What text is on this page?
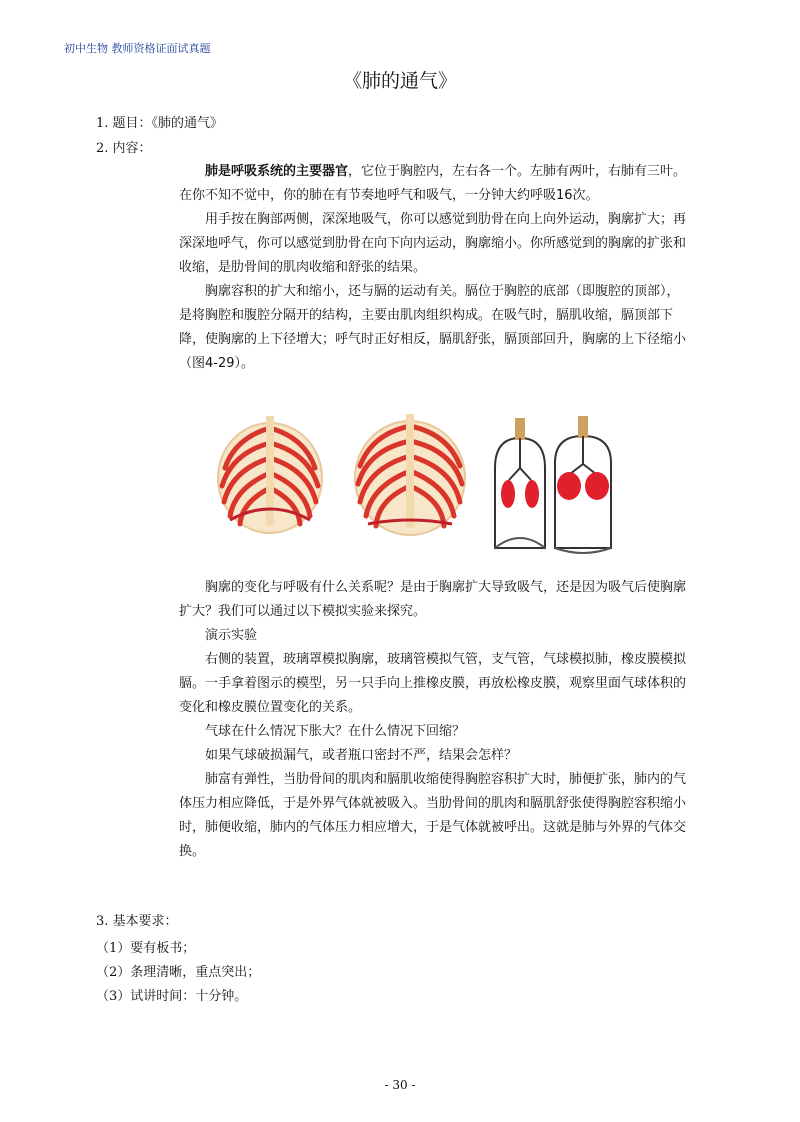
初中生物 教师资格证面试真题
《肺的通气》
1. 题目：《肺的通气》
2. 内容：

肺是呼吸系统的主要器官，它位于胸腔内，左右各一个。左肺有两叶，右肺有三叶。在你不知不觉中，你的肺在有节奏地呼气和吸气，一分钟大约呼吸16次。

用手按在胸部两侧，深深地吸气，你可以感觉到肋骨在向上向外运动，胸廓扩大；再深深地呼气，你可以感觉到肋骨在向下向内运动，胸廓缩小。你所感觉到的胸廓的扩张和收缩，是肋骨间的肌肉收缩和舒张的结果。

胸廓容积的扩大和缩小，还与膈的运动有关。膈位于胸腔的底部（即腹腔的顶部），是将胸腔和腹腔分隔开的结构，主要由肌肉组织构成。在吸气时，膈肌收缩，膈顶部下降，使胸廓的上下径增大；呼气时正好相反，膈肌舒张，膈顶部回升，胸廓的上下径缩小（图4-29）。

胸廓的变化与呼吸有什么关系呢？是由于胸廓扩大导致吸气，还是因为吸气后使胸廓扩大？我们可以通过以下模拟实验来探究。

演示实验

右侧的装置，玻璃罩模拟胸廓，玻璃管模拟气管，支气管，气球模拟肺，橡皮膜模拟膈。一手拿着图示的模型，另一只手向上推橡皮膜，再放松橡皮膜，观察里面气球体积的变化和橡皮膜位置变化的关系。

气球在什么情况下胀大？在什么情况下回缩？

如果气球破损漏气，或者瓶口密封不严，结果会怎样？

肺富有弹性，当肋骨间的肌肉和膈肌收缩使得胸腔容积扩大时，肺便扩张，肺内的气体压力相应降低，于是外界气体就被吸入。当肋骨间的肌肉和膈肌舒张使得胸腔容积缩小时，肺便收缩，肺内的气体压力相应增大，于是气体就被呼出。这就是肺与外界的气体交换。

3. 基本要求：
（1）要有板书；
（2）条理清晰，重点突出；
（3）试讲时间：十分钟。
- 30 -
